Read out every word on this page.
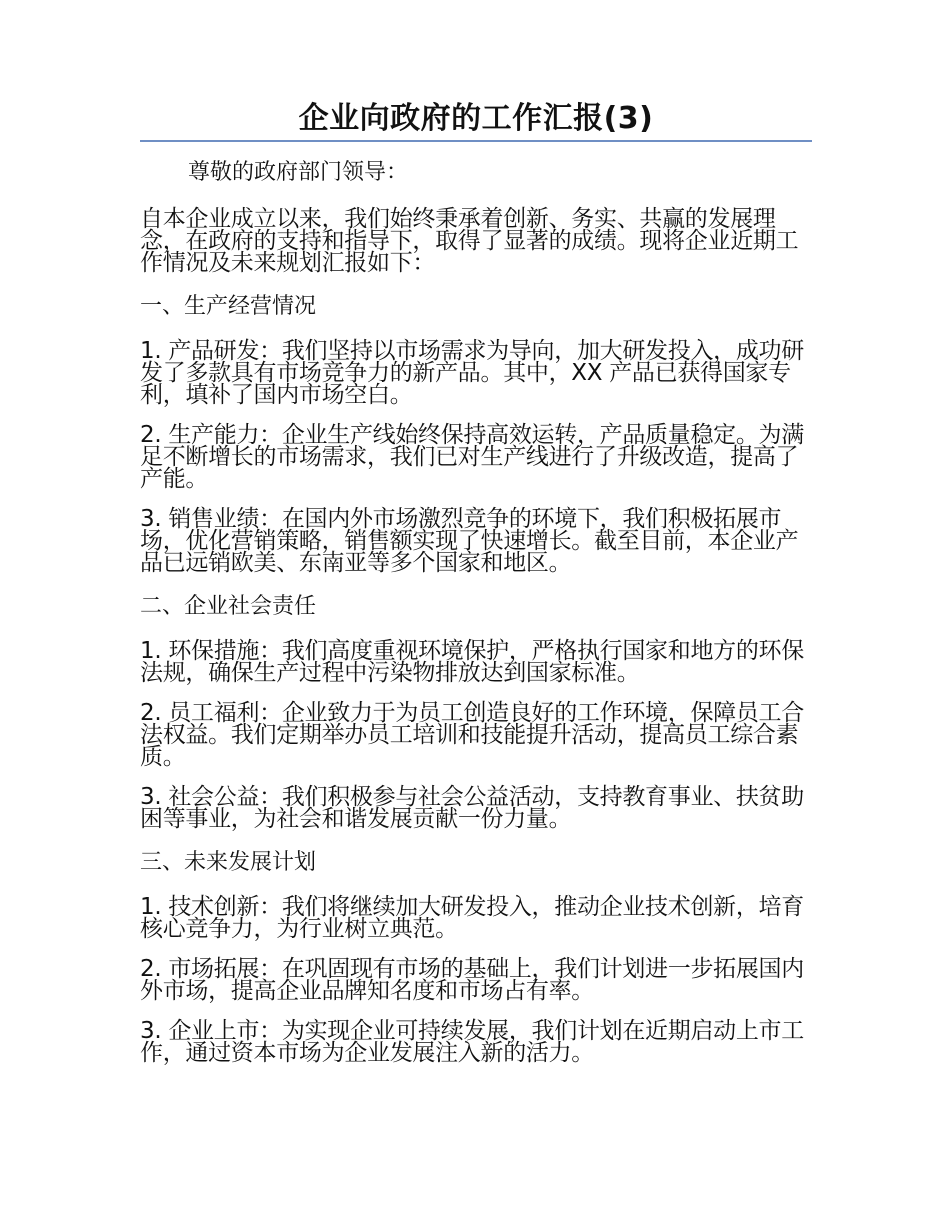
企业向政府的工作汇报(3)

尊敬的政府部门领导：

自本企业成立以来，我们始终秉承着创新、务实、共赢的发展理念，在政府的支持和指导下，取得了显著的成绩。现将企业近期工作情况及未来规划汇报如下：

一、生产经营情况

1. 产品研发：我们坚持以市场需求为导向，加大研发投入，成功研发了多款具有市场竞争力的新产品。其中，XX 产品已获得国家专利，填补了国内市场空白。

2. 生产能力：企业生产线始终保持高效运转，产品质量稳定。为满足不断增长的市场需求，我们已对生产线进行了升级改造，提高了产能。

3. 销售业绩：在国内外市场激烈竞争的环境下，我们积极拓展市场，优化营销策略，销售额实现了快速增长。截至目前，本企业产品已远销欧美、东南亚等多个国家和地区。

二、企业社会责任

1. 环保措施：我们高度重视环境保护，严格执行国家和地方的环保法规，确保生产过程中污染物排放达到国家标准。

2. 员工福利：企业致力于为员工创造良好的工作环境，保障员工合法权益。我们定期举办员工培训和技能提升活动，提高员工综合素质。

3. 社会公益：我们积极参与社会公益活动，支持教育事业、扶贫助困等事业，为社会和谐发展贡献一份力量。

三、未来发展计划

1. 技术创新：我们将继续加大研发投入，推动企业技术创新，培育核心竞争力，为行业树立典范。

2. 市场拓展：在巩固现有市场的基础上，我们计划进一步拓展国内外市场，提高企业品牌知名度和市场占有率。

3. 企业上市：为实现企业可持续发展，我们计划在近期启动上市工作，通过资本市场为企业发展注入新的活力。
